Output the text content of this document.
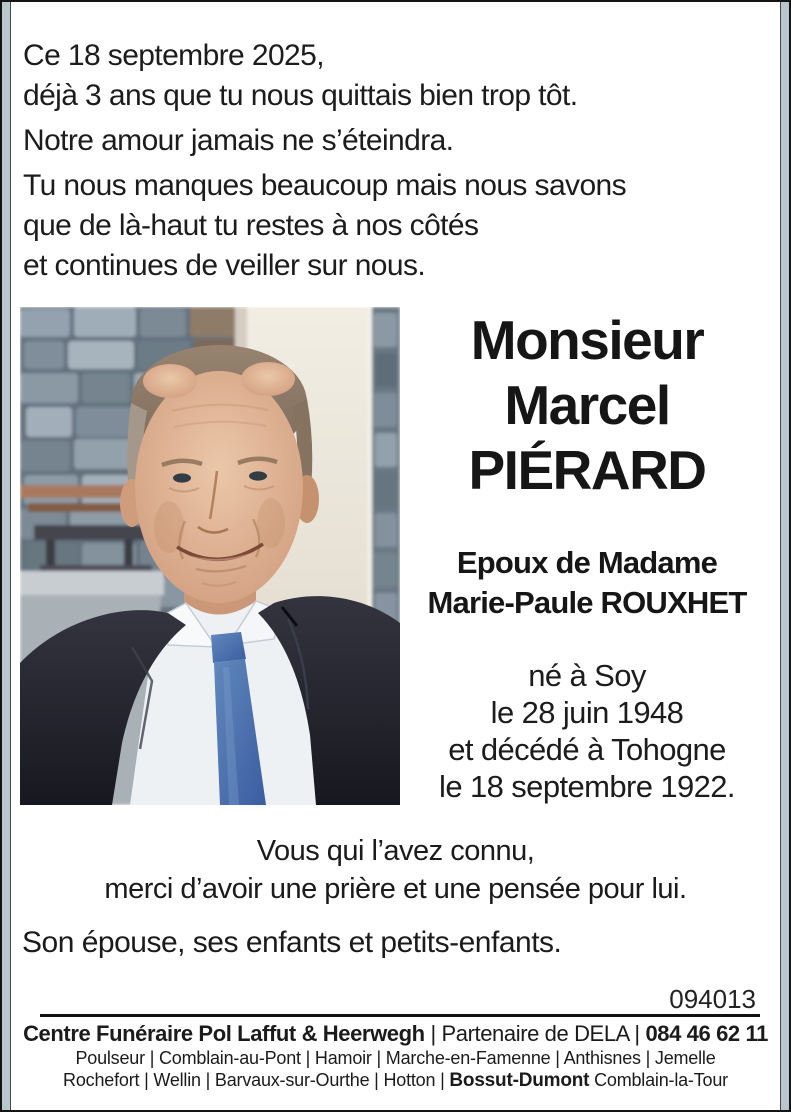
Ce 18 septembre 2025,
déjà 3 ans que tu nous quittais bien trop tôt.
Notre amour jamais ne s’éteindra.
Tu nous manques beaucoup mais nous savons
que de là-haut tu restes à nos côtés
et continues de veiller sur nous.
Monsieur
Marcel
PIÉRARD
Epoux de Madame
Marie-Paule ROUXHET
né à Soy
le 28 juin 1948
et décédé à Tohogne
le 18 septembre 1922.
Vous qui l’avez connu,
merci d’avoir une prière et une pensée pour lui.
Son épouse, ses enfants et petits-enfants.
094013
Centre Funéraire Pol Laffut & Heerwegh | Partenaire de DELA | 084 46 62 11
Poulseur | Comblain-au-Pont | Hamoir | Marche-en-Famenne | Anthisnes | Jemelle
Rochefort | Wellin | Barvaux-sur-Ourthe | Hotton | Bossut-Dumont Comblain-la-Tour
